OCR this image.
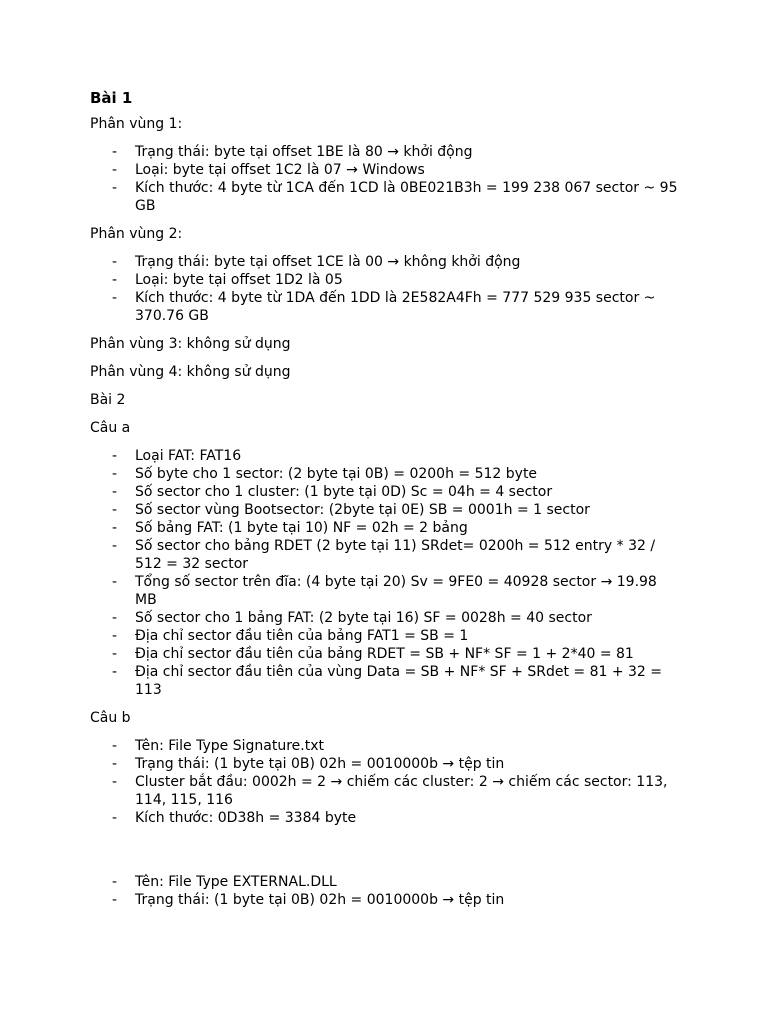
Bài 1

Phân vùng 1:

- Trạng thái: byte tại offset 1BE là 80 → khởi động
- Loại: byte tại offset 1C2 là 07 → Windows
- Kích thước: 4 byte từ 1CA đến 1CD là 0BE021B3h = 199 238 067 sector ~ 95 GB

Phân vùng 2:

- Trạng thái: byte tại offset 1CE là 00 → không khởi động
- Loại: byte tại offset 1D2 là 05
- Kích thước: 4 byte từ 1DA đến 1DD là 2E582A4Fh = 777 529 935 sector ~ 370.76 GB

Phân vùng 3: không sử dụng

Phân vùng 4: không sử dụng

Bài 2

Câu a

- Loại FAT: FAT16
- Số byte cho 1 sector: (2 byte tại 0B) = 0200h = 512 byte
- Số sector cho 1 cluster: (1 byte tại 0D) Sc = 04h = 4 sector
- Số sector vùng Bootsector: (2byte tại 0E) SB = 0001h = 1 sector
- Số bảng FAT: (1 byte tại 10) NF = 02h = 2 bảng
- Số sector cho bảng RDET (2 byte tại 11) SRdet= 0200h = 512 entry * 32 / 512 = 32 sector
- Tổng số sector trên đĩa: (4 byte tại 20) Sv = 9FE0 = 40928 sector → 19.98 MB
- Số sector cho 1 bảng FAT: (2 byte tại 16) SF = 0028h = 40 sector
- Địa chỉ sector đầu tiên của bảng FAT1 = SB = 1
- Địa chỉ sector đầu tiên của bảng RDET = SB + NF* SF = 1 + 2*40 = 81
- Địa chỉ sector đầu tiên của vùng Data = SB + NF* SF + SRdet = 81 + 32 = 113

Câu b

- Tên: File Type Signature.txt
- Trạng thái: (1 byte tại 0B) 02h = 0010000b → tệp tin
- Cluster bắt đầu: 0002h = 2 → chiếm các cluster: 2 → chiếm các sector: 113, 114, 115, 116
- Kích thước: 0D38h = 3384 byte
- Tên: File Type EXTERNAL.DLL
- Trạng thái: (1 byte tại 0B) 02h = 0010000b → tệp tin
